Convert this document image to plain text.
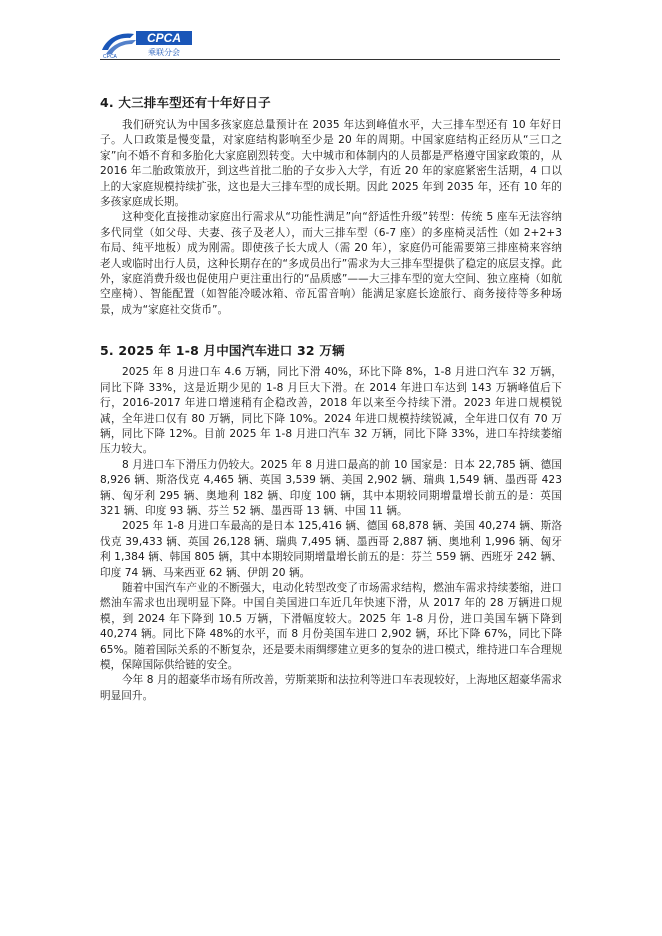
CPCA
CPCA
乘联分会
4. 大三排车型还有十年好日子

我们研究认为中国多孩家庭总量预计在 2035 年达到峰值水平，大三排车型还有 10 年好日子。人口政策是慢变量，对家庭结构影响至少是 20 年的周期。中国家庭结构正经历从“三口之家”向不婚不育和多胎化大家庭剧烈转变。大中城市和体制内的人员都是严格遵守国家政策的，从 2016 年二胎政策放开，到这些首批二胎的子女步入大学，有近 20 年的家庭紧密生活期，4 口以上的大家庭规模持续扩张，这也是大三排车型的成长期。因此 2025 年到 2035 年，还有 10 年的多孩家庭成长期。

这种变化直接推动家庭出行需求从“功能性满足”向“舒适性升级”转型：传统 5 座车无法容纳多代同堂（如父母、夫妻、孩子及老人），而大三排车型（6-7 座）的多座椅灵活性（如 2+2+3 布局、纯平地板）成为刚需。即使孩子长大成人（需 20 年），家庭仍可能需要第三排座椅来容纳老人或临时出行人员，这种长期存在的“多成员出行”需求为大三排车型提供了稳定的底层支撑。此外，家庭消费升级也促使用户更注重出行的“品质感”——大三排车型的宽大空间、独立座椅（如航空座椅）、智能配置（如智能冷暖冰箱、帝瓦雷音响）能满足家庭长途旅行、商务接待等多种场景，成为“家庭社交货币”。

5. 2025 年 1-8 月中国汽车进口 32 万辆

2025 年 8 月进口车 4.6 万辆，同比下滑 40%，环比下降 8%，1-8 月进口汽车 32 万辆，同比下降 33%，这是近期少见的 1-8 月巨大下滑。在 2014 年进口车达到 143 万辆峰值后下行，2016-2017 年进口增速稍有企稳改善，2018 年以来至今持续下滑。2023 年进口规模锐减，全年进口仅有 80 万辆，同比下降 10%。2024 年进口规模持续锐减，全年进口仅有 70 万辆，同比下降 12%。目前 2025 年 1-8 月进口汽车 32 万辆，同比下降 33%，进口车持续萎缩压力较大。

8 月进口车下滑压力仍较大。2025 年 8 月进口最高的前 10 国家是：日本 22,785 辆、德国 8,926 辆、斯洛伐克 4,465 辆、英国 3,539 辆、美国 2,902 辆、瑞典 1,549 辆、墨西哥 423 辆、匈牙利 295 辆、奥地利 182 辆、印度 100 辆，其中本期较同期增量增长前五的是：英国 321 辆、印度 93 辆、芬兰 52 辆、墨西哥 13 辆、中国 11 辆。

2025 年 1-8 月进口车最高的是日本 125,416 辆、德国 68,878 辆、美国 40,274 辆、斯洛伐克 39,433 辆、英国 26,128 辆、瑞典 7,495 辆、墨西哥 2,887 辆、奥地利 1,996 辆、匈牙利 1,384 辆、韩国 805 辆，其中本期较同期增量增长前五的是：芬兰 559 辆、西班牙 242 辆、印度 74 辆、马来西亚 62 辆、伊朗 20 辆。

随着中国汽车产业的不断强大，电动化转型改变了市场需求结构，燃油车需求持续萎缩，进口燃油车需求也出现明显下降。中国自美国进口车近几年快速下滑，从 2017 年的 28 万辆进口规模，到 2024 年下降到 10.5 万辆，下滑幅度较大。2025 年 1-8 月份，进口美国车辆下降到 40,274 辆。同比下降 48%的水平，而 8 月份美国车进口 2,902 辆，环比下降 67%，同比下降 65%。随着国际关系的不断复杂，还是要未雨绸缪建立更多的复杂的进口模式，维持进口车合理规模，保障国际供给链的安全。

今年 8 月的超豪华市场有所改善，劳斯莱斯和法拉利等进口车表现较好，上海地区超豪华需求明显回升。
